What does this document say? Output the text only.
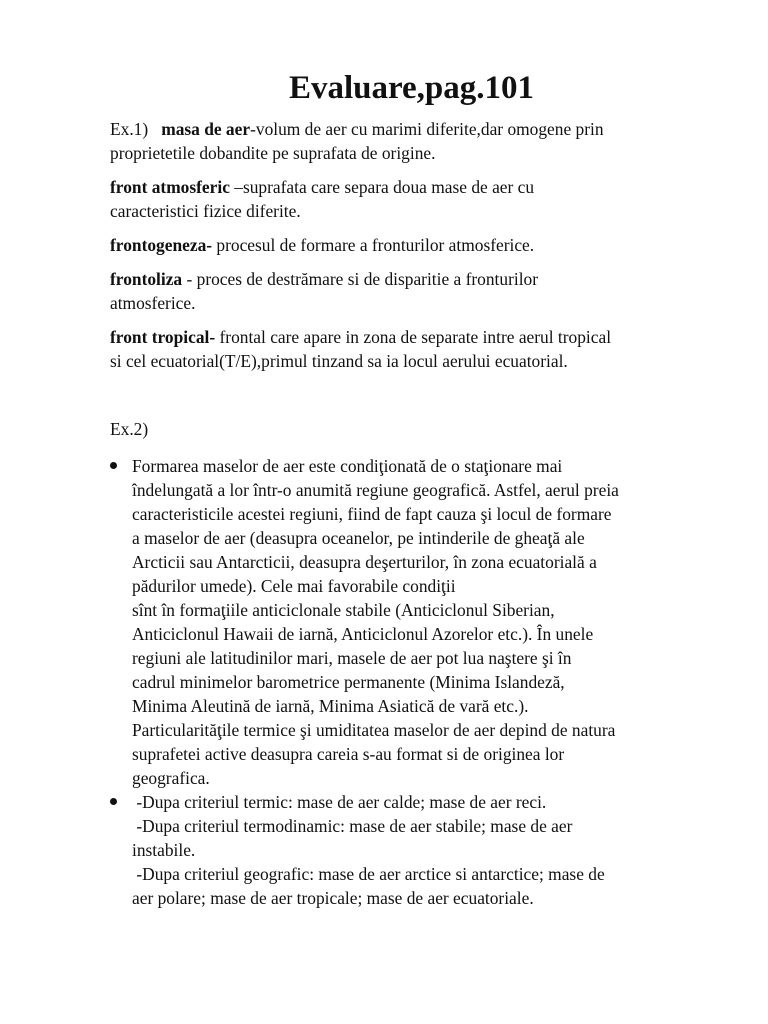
Evaluare,pag.101
Ex.1) masa de aer-volum de aer cu marimi diferite,dar omogene prin
proprietetile dobandite pe suprafata de origine.
front atmosferic –suprafata care separa doua mase de aer cu
caracteristici fizice diferite.
frontogeneza- procesul de formare a fronturilor atmosferice.
frontoliza - proces de destrămare si de disparitie a fronturilor
atmosferice.
front tropical- frontal care apare in zona de separate intre aerul tropical
si cel ecuatorial(T/E),primul tinzand sa ia locul aerului ecuatorial.
Ex.2)
Formarea maselor de aer este condiţionată de o staţionare mai
îndelungată a lor într-o anumită regiune geografică. Astfel, aerul preia
caracteristicile acestei regiuni, fiind de fapt cauza şi locul de formare
a maselor de aer (deasupra oceanelor, pe intinderile de gheaţă ale
Arcticii sau Antarcticii, deasupra deşerturilor, în zona ecuatorială a
pădurilor umede). Cele mai favorabile condiţii
sînt în formaţiile anticiclonale stabile (Anticiclonul Siberian,
Anticiclonul Hawaii de iarnă, Anticiclonul Azorelor etc.). În unele
regiuni ale latitudinilor mari, masele de aer pot lua naştere şi în
cadrul minimelor barometrice permanente (Minima Islandeză,
Minima Aleutină de iarnă, Minima Asiatică de vară etc.).
Particularităţile termice şi umiditatea maselor de aer depind de natura
suprafetei active deasupra careia s-au format si de originea lor
geografica.
-Dupa criteriul termic: mase de aer calde; mase de aer reci.
-Dupa criteriul termodinamic: mase de aer stabile; mase de aer
instabile.
-Dupa criteriul geografic: mase de aer arctice si antarctice; mase de
aer polare; mase de aer tropicale; mase de aer ecuatoriale.
